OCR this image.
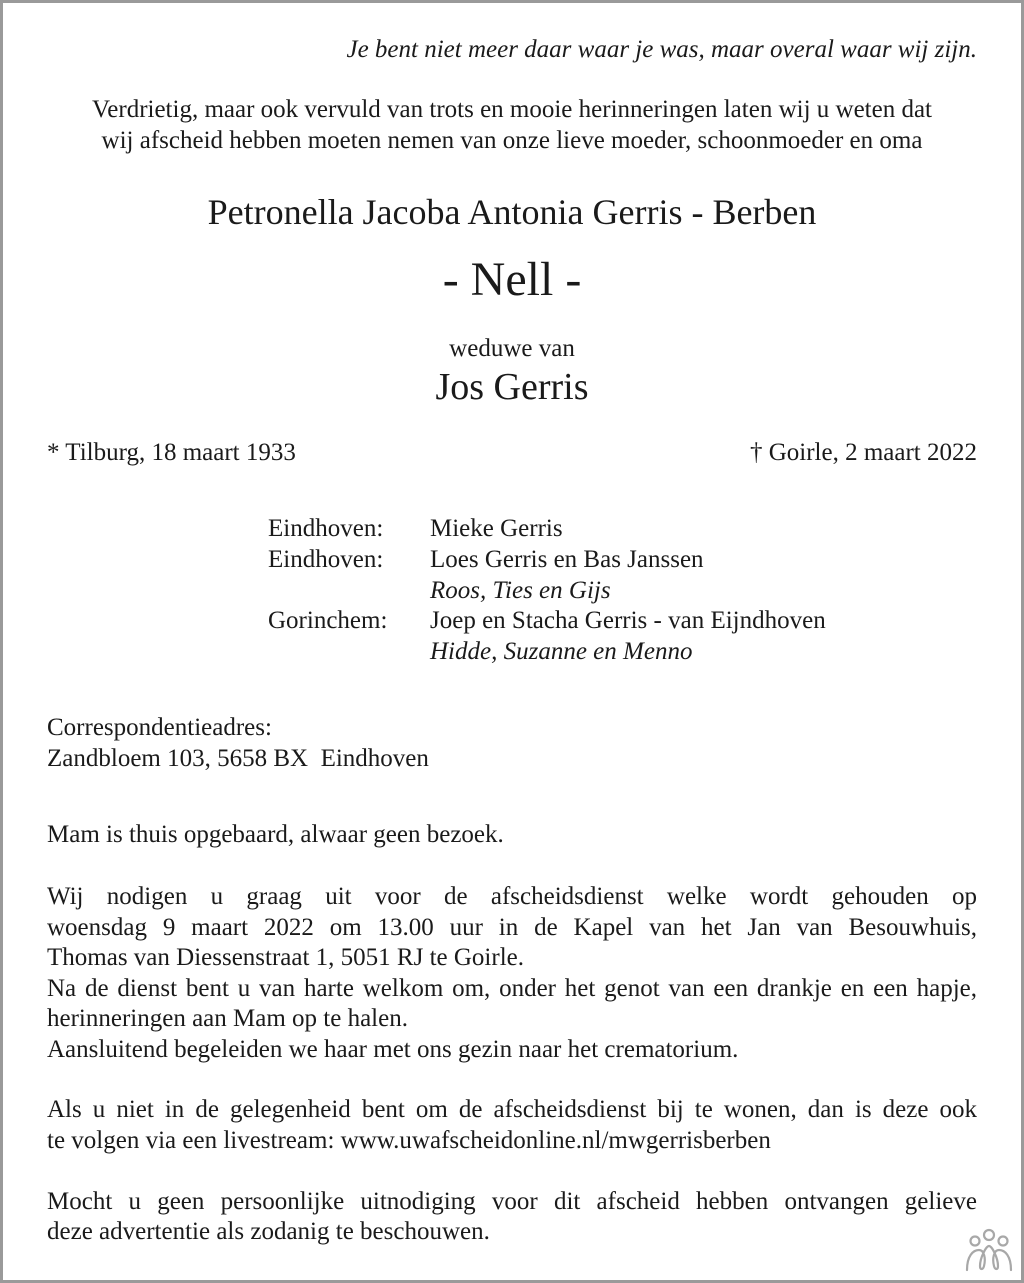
Je bent niet meer daar waar je was, maar overal waar wij zijn.
Verdrietig, maar ook vervuld van trots en mooie herinneringen laten wij u weten dat
wij afscheid hebben moeten nemen van onze lieve moeder, schoonmoeder en oma
Petronella Jacoba Antonia Gerris - Berben
- Nell -
weduwe van
Jos Gerris
* Tilburg, 18 maart 1933	† Goirle, 2 maart 2022
Eindhoven: Mieke Gerris
Eindhoven: Loes Gerris en Bas Janssen
Roos, Ties en Gijs
Gorinchem: Joep en Stacha Gerris - van Eijndhoven
Hidde, Suzanne en Menno
Correspondentieadres:
Zandbloem 103, 5658 BX  Eindhoven
Mam is thuis opgebaard, alwaar geen bezoek.
Wij nodigen u graag uit voor de afscheidsdienst welke wordt gehouden op
woensdag 9 maart 2022 om 13.00 uur in de Kapel van het Jan van Besouwhuis,
Thomas van Diessenstraat 1, 5051 RJ te Goirle.
Na de dienst bent u van harte welkom om, onder het genot van een drankje en een hapje,
herinneringen aan Mam op te halen.
Aansluitend begeleiden we haar met ons gezin naar het crematorium.
Als u niet in de gelegenheid bent om de afscheidsdienst bij te wonen, dan is deze ook
te volgen via een livestream: www.uwafscheidonline.nl/mwgerrisberben
Mocht u geen persoonlijke uitnodiging voor dit afscheid hebben ontvangen gelieve
deze advertentie als zodanig te beschouwen.
